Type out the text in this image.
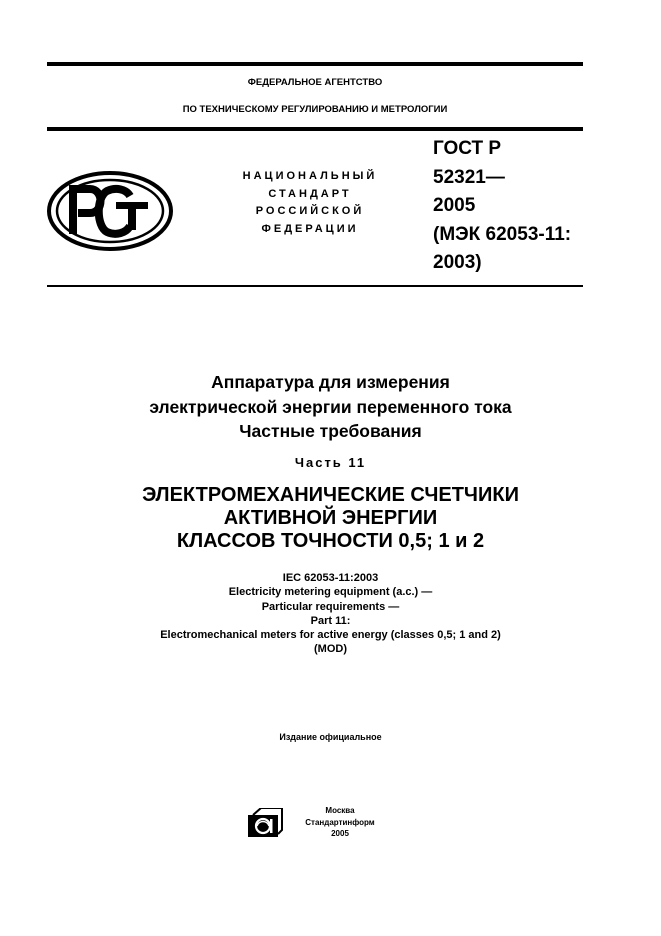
ФЕДЕРАЛЬНОЕ АГЕНТСТВО
ПО ТЕХНИЧЕСКОМУ РЕГУЛИРОВАНИЮ И МЕТРОЛОГИИ
НАЦИОНАЛЬНЫЙ
СТАНДАРТ
РОССИЙСКОЙ
ФЕДЕРАЦИИ
ГОСТ Р
52321—
2005
(МЭК 62053-11:
2003)
Аппаратура для измерения
электрической энергии переменного тока
Частные требования
Часть 11
ЭЛЕКТРОМЕХАНИЧЕСКИЕ СЧЕТЧИКИ
АКТИВНОЙ ЭНЕРГИИ
КЛАССОВ ТОЧНОСТИ 0,5; 1 и 2
IEC 62053-11:2003
Electricity metering equipment (a.c.) —
Particular requirements —
Part 11:
Electromechanical meters for active energy (classes 0,5; 1 and 2)
(MOD)
Издание официальное
Москва
Стандартинформ
2005
